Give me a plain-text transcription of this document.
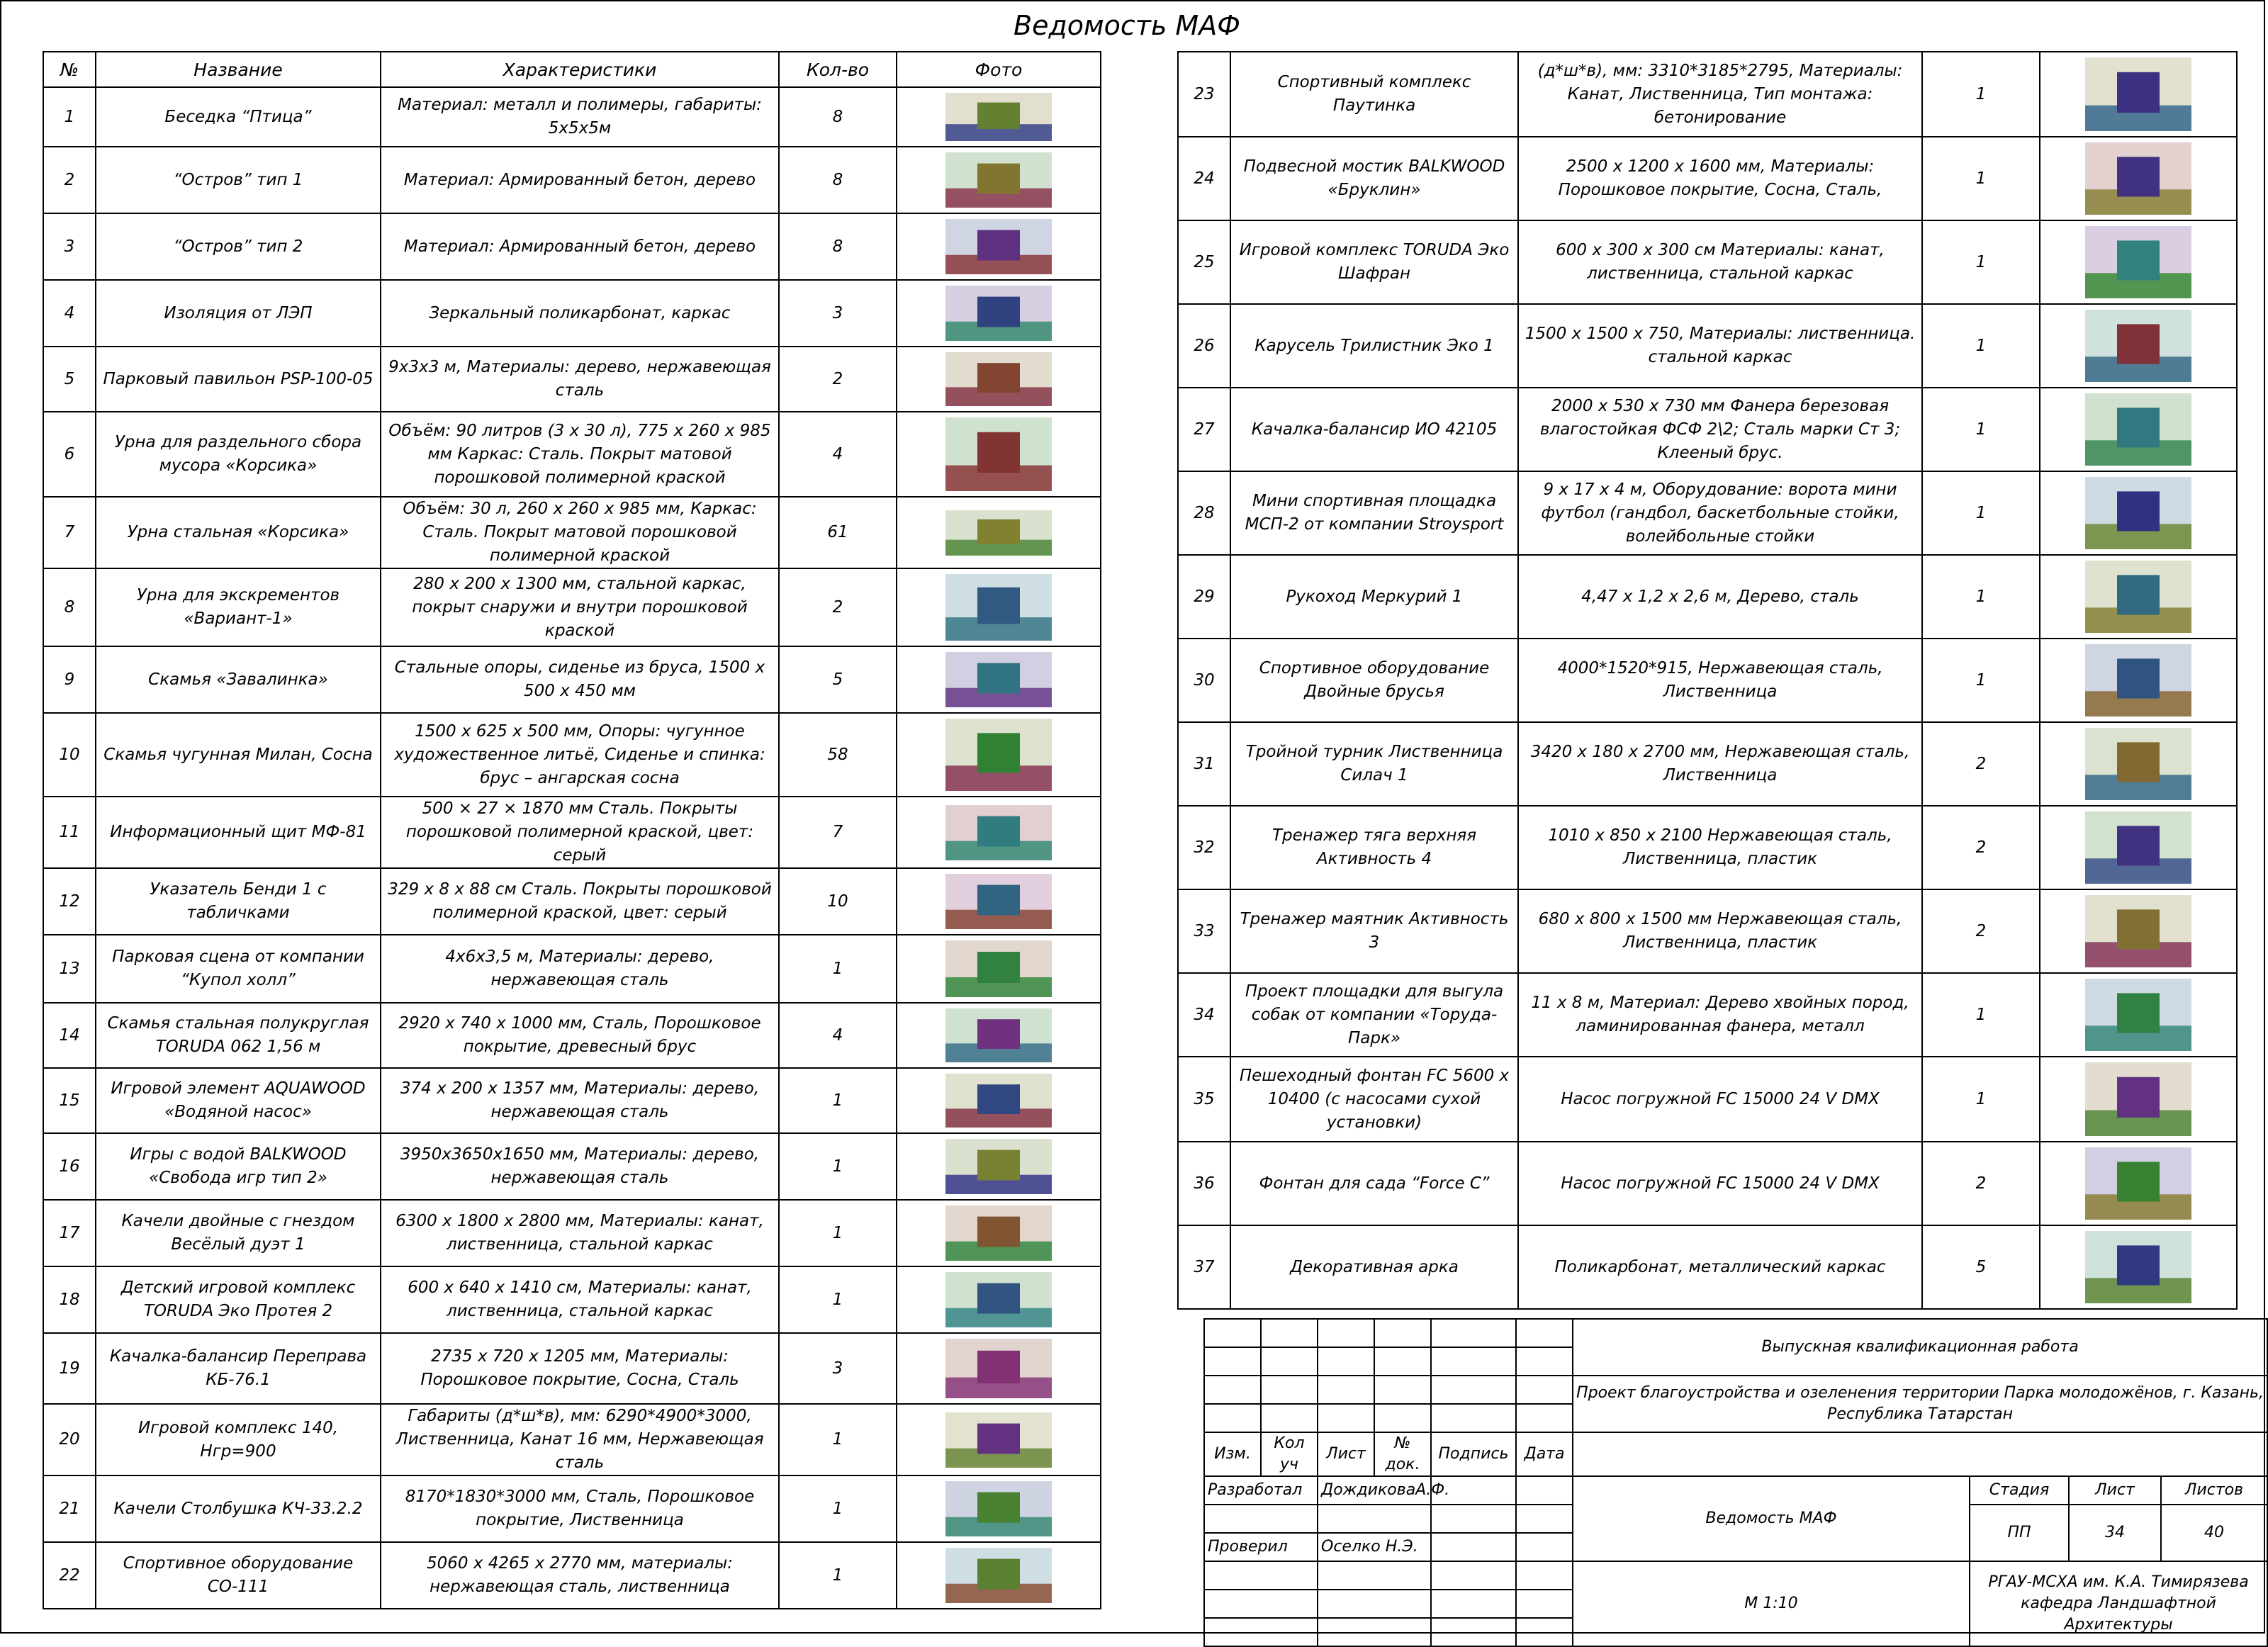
Ведомость МАФ
№	Название	Характеристики	Кол-во	Фото
1	Беседка “Птица”	Материал: металл и полимеры, габариты: 5х5х5м	8	

2	“Остров” тип 1	Материал: Армированный бетон, дерево	8	

3	“Остров” тип 2	Материал: Армированный бетон, дерево	8	

4	Изоляция от ЛЭП	Зеркальный поликарбонат, каркас	3	

5	Парковый павильон PSP-100-05	9х3х3 м, Материалы: дерево, нержавеющая сталь	2	

6	Урна для раздельного сбора мусора «Корсика»	Объём: 90 литров (3 х 30 л), 775 х 260 х 985 мм Каркас: Сталь. Покрыт матовой порошковой полимерной краской	4	

7	Урна стальная «Корсика»	Объём: 30 л, 260 х 260 х 985 мм, Каркас: Сталь. Покрыт матовой порошковой полимерной краской	61	

8	Урна для экскрементов «Вариант-1»	280 х 200 х 1300 мм, стальной каркас, покрыт снаружи и внутри порошковой краской	2	

9	Скамья «Завалинка»	Стальные опоры, сиденье из бруса, 1500 х 500 х 450 мм	5	

10	Скамья чугунная Милан, Сосна	1500 х 625 х 500 мм, Опоры: чугунное художественное литьё, Сиденье и спинка: брус – ангарская сосна	58	

11	Информационный щит МФ-81	500 × 27 × 1870 мм Сталь. Покрыты порошковой полимерной краской, цвет: серый	7	

12	Указатель Бенди 1 с табличками	329 х 8 х 88 см Сталь. Покрыты порошковой полимерной краской, цвет: серый	10	

13	Парковая сцена от компании “Купол холл”	4х6х3,5 м, Материалы: дерево, нержавеющая сталь	1	

14	Скамья стальная полукруглая TORUDA 062 1,56 м	2920 х 740 х 1000 мм, Сталь, Порошковое покрытие, древесный брус	4	

15	Игровой элемент AQUAWOOD «Водяной насос»	374 х 200 х 1357 мм, Материалы: дерево, нержавеющая сталь	1	

16	Игры с водой BALKWOOD «Свобода игр тип 2»	3950х3650х1650 мм, Материалы: дерево, нержавеющая сталь	1	

17	Качели двойные с гнездом Весёлый дуэт 1	6300 х 1800 х 2800 мм, Материалы: канат, лиственница, стальной каркас	1	

18	Детский игровой комплекс TORUDA Эко Протея 2	600 х 640 х 1410 см, Материалы: канат, лиственница, стальной каркас	1	

19	Качалка-балансир Переправа КБ-76.1	2735 х 720 х 1205 мм, Материалы: Порошковое покрытие, Сосна, Сталь	3	

20	Игровой комплекс 140, Нгр=900	Габариты (д*ш*в), мм: 6290*4900*3000, Лиственница, Канат 16 мм, Нержавеющая сталь	1	

21	Качели Столбушка КЧ-33.2.2	8170*1830*3000 мм, Сталь, Порошковое покрытие, Лиственница	1	

22	Спортивное оборудование СО-111	5060 х 4265 х 2770 мм, материалы: нержавеющая сталь, лиственница	1	
23	Спортивный комплекс Паутинка	(д*ш*в), мм: 3310*3185*2795, Материалы: Канат, Лиственница, Тип монтажа: бетонирование	1	

24	Подвесной мостик BALKWOOD «Бруклин»	2500 х 1200 х 1600 мм, Материалы: Порошковое покрытие, Сосна, Сталь,	1	

25	Игровой комплекс TORUDA Эко Шафран	600 х 300 х 300 см Материалы: канат, лиственница, стальной каркас	1	

26	Карусель Трилистник Эко 1	1500 х 1500 х 750, Материалы: лиственница. стальной каркас	1	

27	Качалка-балансир ИО 42105	2000 х 530 х 730 мм Фанера березовая влагостойкая ФСФ 2\2; Сталь марки Ст 3; Клееный брус.	1	

28	Мини спортивная площадка МСП-2 от компании Stroysport	9 х 17 х 4 м, Оборудование: ворота мини футбол (гандбол, баскетбольные стойки, волейбольные стойки	1	

29	Рукоход Меркурий 1	4,47 х 1,2 х 2,6 м, Дерево, сталь	1	

30	Спортивное оборудование Двойные брусья	4000*1520*915, Нержавеющая сталь, Лиственница	1	

31	Тройной турник Лиственница Силач 1	3420 х 180 х 2700 мм, Нержавеющая сталь, Лиственница	2	

32	Тренажер тяга верхняя Активность 4	1010 х 850 х 2100 Нержавеющая сталь, Лиственница, пластик	2	

33	Тренажер маятник Активность 3	680 х 800 х 1500 мм Нержавеющая сталь, Лиственница, пластик	2	

34	Проект площадки для выгула собак от компании «Торуда-Парк»	11 х 8 м, Материал: Дерево хвойных пород, ламинированная фанера, металл	1	

35	Пешеходный фонтан FC 5600 х 10400 (с насосами сухой установки)	Насос погружной FC 15000 24 V DMX	1	

36	Фонтан для сада “Force C”	Насос погружной FC 15000 24 V DMX	2	

37	Декоративная арка	Поликарбонат, металлический каркас	5	
						Выпускная квалификационная работа			

						Проект благоустройства и озеленения территории Парка молодожёнов, г. Казань, Республика Татарстан			

Изм.	Кол уч	Лист	№ док.	Подпись	Дата				
Разработал		ДождиковаА.Ф.				Ведомость МАФ	Стадия	Лист	Листов
							ПП	34	40
Проверил		Оселко Н.Э.							
						М 1:10	РГАУ-МСХА им. К.А. Тимирязева кафедра Ландшафтной Архитектуры		
